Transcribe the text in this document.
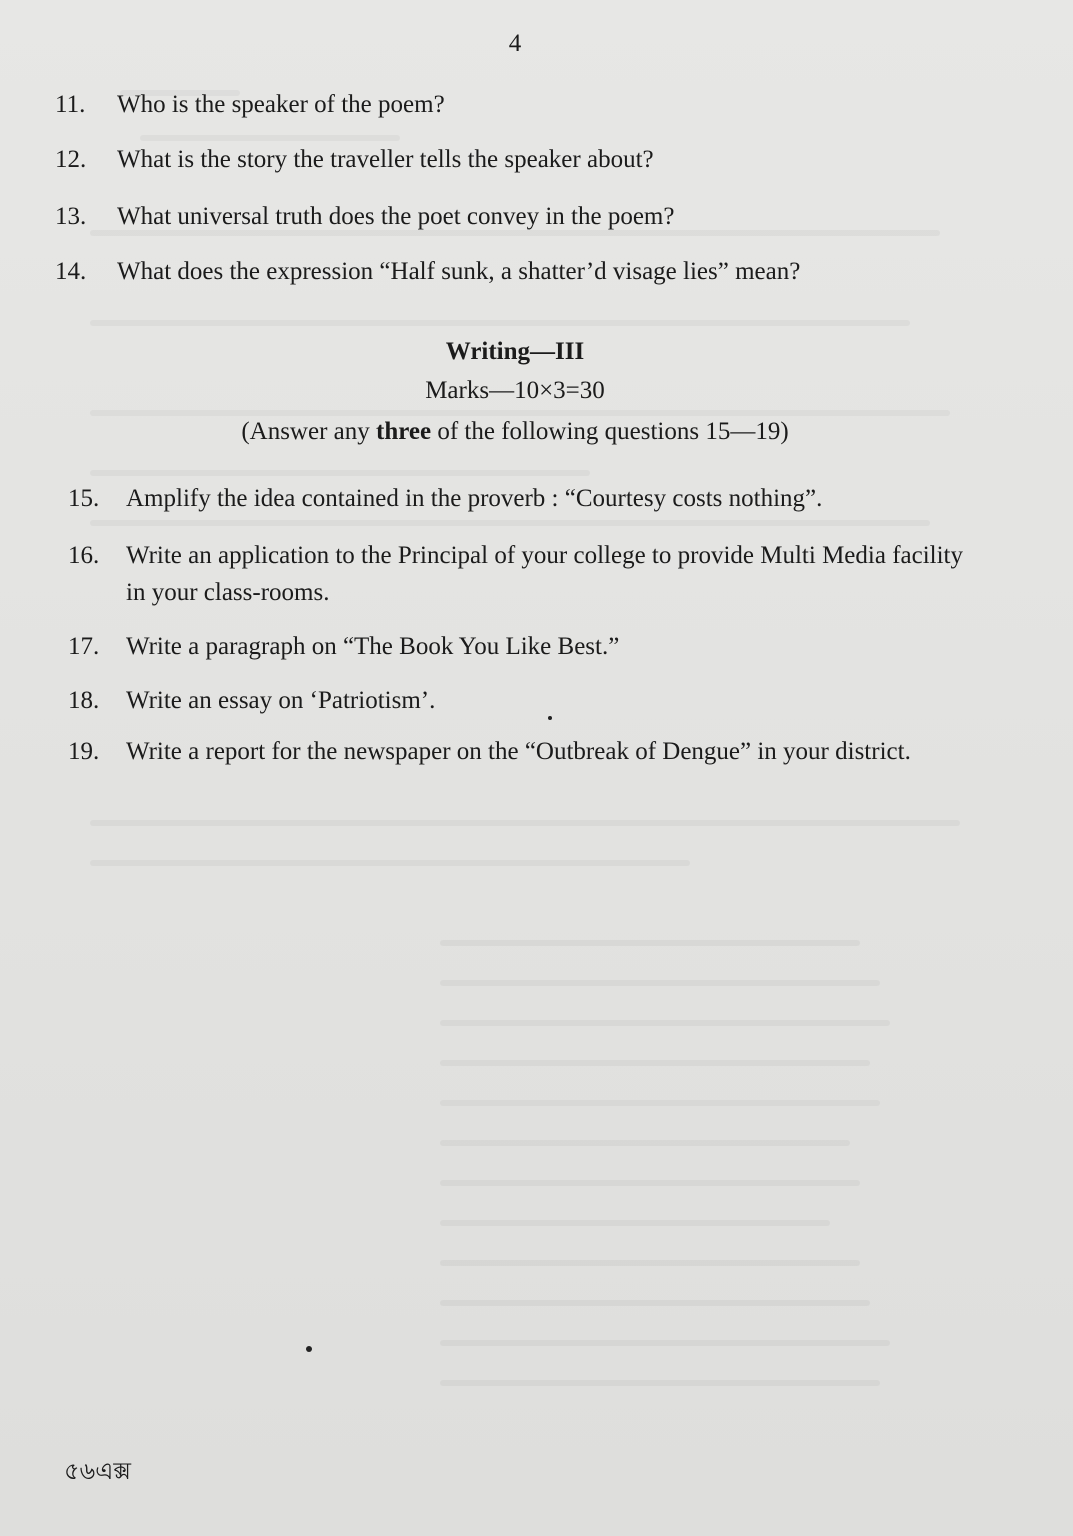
4
11. Who is the speaker of the poem?
12. What is the story the traveller tells the speaker about?
13. What universal truth does the poet convey in the poem?
14. What does the expression “Half sunk, a shatter’d visage lies” mean?
Writing—III
Marks—10×3=30
(Answer any three of the following questions 15—19)
15. Amplify the idea contained in the proverb : “Courtesy costs nothing”.
16. Write an application to the Principal of your college to provide Multi Media facility in your class-rooms.
17. Write a paragraph on “The Book You Like Best.”
18. Write an essay on ‘Patriotism’.
19. Write a report for the newspaper on the “Outbreak of Dengue” in your district.
৫৬এক্স
